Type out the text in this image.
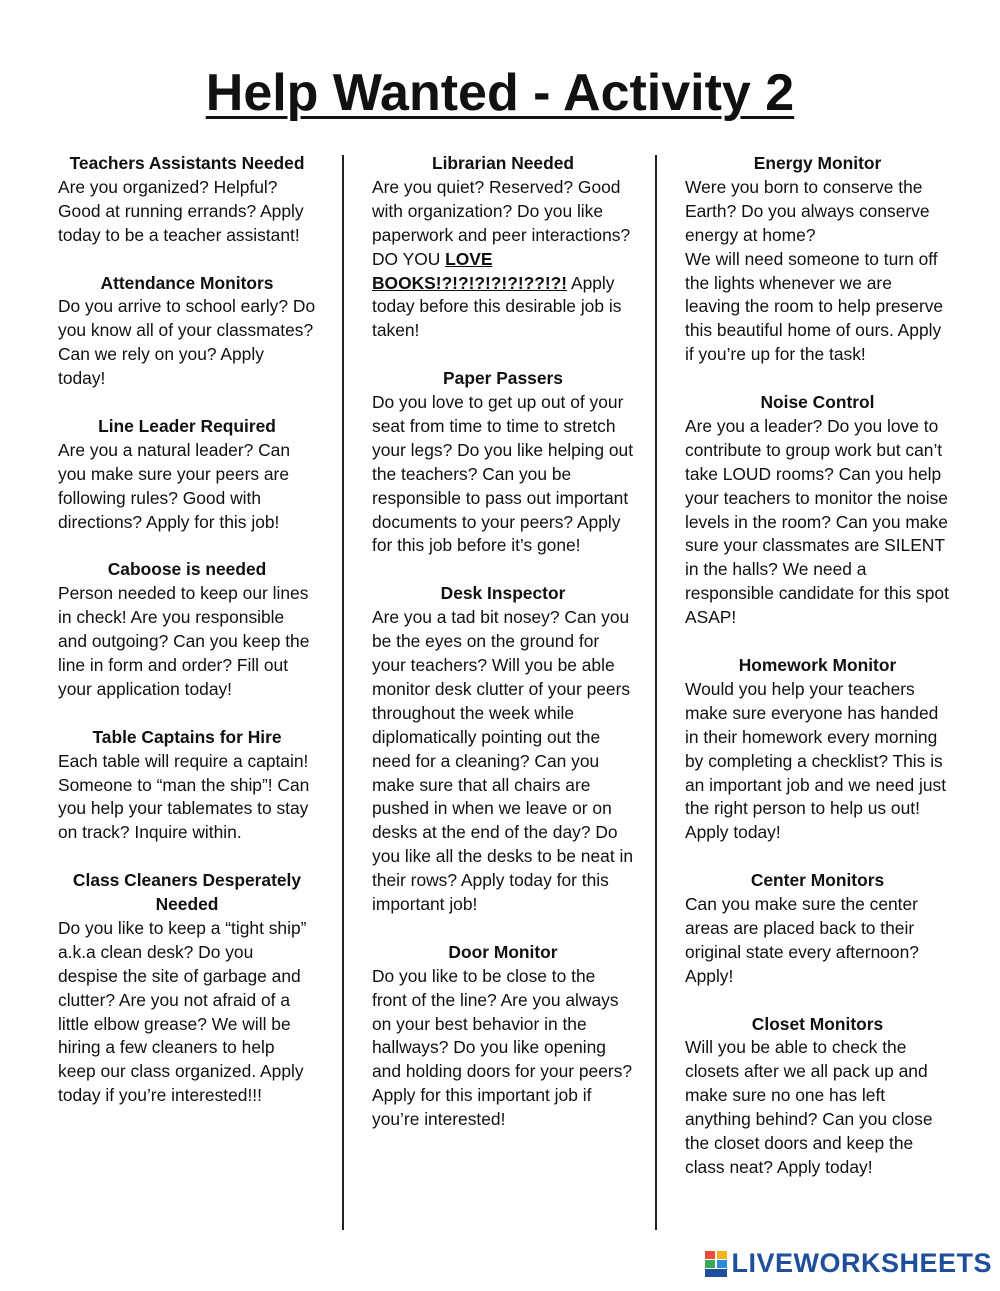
Help Wanted - Activity 2
Teachers Assistants Needed
Are you organized? Helpful? Good at running errands? Apply today to be a teacher assistant!
Attendance Monitors
Do you arrive to school early? Do you know all of your classmates? Can we rely on you? Apply today!
Line Leader Required
Are you a natural leader? Can you make sure your peers are following rules? Good with directions? Apply for this job!
Caboose is needed
Person needed to keep our lines in check! Are you responsible and outgoing? Can you keep the line in form and order? Fill out your application today!
Table Captains for Hire
Each table will require a captain! Someone to “man the ship”! Can you help your tablemates to stay on track? Inquire within.
Class Cleaners Desperately Needed
Do you like to keep a “tight ship” a.k.a clean desk? Do you despise the site of garbage and clutter? Are you not afraid of a little elbow grease? We will be hiring a few cleaners to help keep our class organized. Apply today if you’re interested!!!
Librarian Needed
Are you quiet? Reserved? Good with organization? Do you like paperwork and peer interactions? DO YOU LOVE BOOKS!?!?!?!?!?!??!?! Apply today before this desirable job is taken!
Paper Passers
Do you love to get up out of your seat from time to time to stretch your legs? Do you like helping out the teachers? Can you be responsible to pass out important documents to your peers? Apply for this job before it’s gone!
Desk Inspector
Are you a tad bit nosey? Can you be the eyes on the ground for your teachers? Will you be able monitor desk clutter of your peers throughout the week while diplomatically pointing out the need for a cleaning? Can you make sure that all chairs are pushed in when we leave or on desks at the end of the day? Do you like all the desks to be neat in their rows? Apply today for this important job!
Door Monitor
Do you like to be close to the front of the line? Are you always on your best behavior in the hallways? Do you like opening and holding doors for your peers? Apply for this important job if you’re interested!
Energy Monitor
Were you born to conserve the Earth? Do you always conserve energy at home?
We will need someone to turn off the lights whenever we are leaving the room to help preserve this beautiful home of ours. Apply if you’re up for the task!
Noise Control
Are you a leader? Do you love to contribute to group work but can’t take LOUD rooms? Can you help your teachers to monitor the noise levels in the room? Can you make sure your classmates are SILENT in the halls? We need a responsible candidate for this spot ASAP!
Homework Monitor
Would you help your teachers make sure everyone has handed in their homework every morning by completing a checklist? This is an important job and we need just the right person to help us out! Apply today!
Center Monitors
Can you make sure the center areas are placed back to their original state every afternoon? Apply!
Closet Monitors
Will you be able to check the closets after we all pack up and make sure no one has left anything behind? Can you close the closet doors and keep the class neat? Apply today!
LIVEWORKSHEETS
